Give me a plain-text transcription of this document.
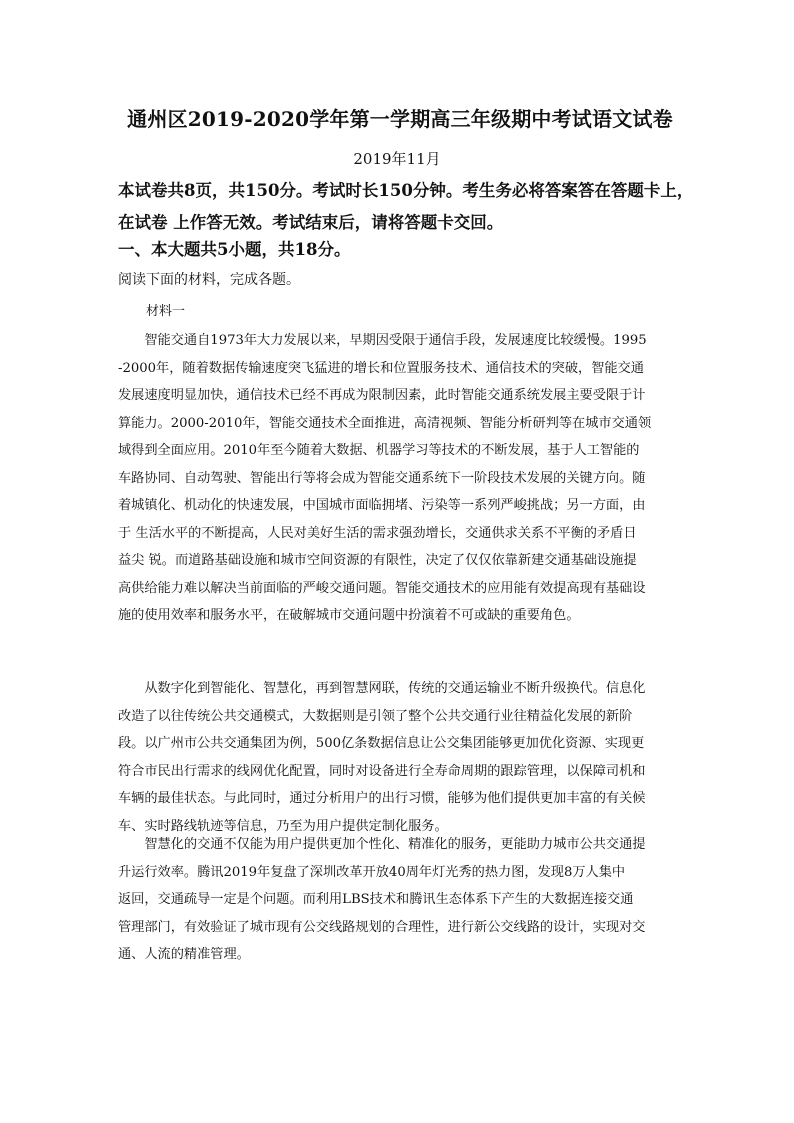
通州区2019-2020学年第一学期高三年级期中考试语文试卷
2019年11月
本试卷共8页，共150分。考试时长150分钟。考生务必将答案答在答题卡上，
在试卷 上作答无效。考试结束后，请将答题卡交回。
一、本大题共5小题，共18分。
阅读下面的材料，完成各题。
材料一
　　智能交通自1973年大力发展以来，早期因受限于通信手段，发展速度比较缓慢。1995
-2000年，随着数据传输速度突飞猛进的增长和位置服务技术、通信技术的突破，智能交通
发展速度明显加快，通信技术已经不再成为限制因素，此时智能交通系统发展主要受限于计
算能力。2000-2010年，智能交通技术全面推进，高清视频、智能分析研判等在城市交通领
域得到全面应用。2010年至今随着大数据、机器学习等技术的不断发展，基于人工智能的
车路协同、自动驾驶、智能出行等将会成为智能交通系统下一阶段技术发展的关键方向。随
着城镇化、机动化的快速发展，中国城市面临拥堵、污染等一系列严峻挑战；另一方面，由
于 生活水平的不断提高，人民对美好生活的需求强劲增长，交通供求关系不平衡的矛盾日
益尖 锐。而道路基础设施和城市空间资源的有限性，决定了仅仅依靠新建交通基础设施提
高供给能力难以解决当前面临的严峻交通问题。智能交通技术的应用能有效提高现有基础设
施的使用效率和服务水平，在破解城市交通问题中扮演着不可或缺的重要角色。
　　从数字化到智能化、智慧化，再到智慧网联，传统的交通运输业不断升级换代。信息化
改造了以往传统公共交通模式，大数据则是引领了整个公共交通行业往精益化发展的新阶
段。以广州市公共交通集团为例，500亿条数据信息让公交集团能够更加优化资源、实现更
符合市民出行需求的线网优化配置，同时对设备进行全寿命周期的跟踪管理，以保障司机和
车辆的最佳状态。与此同时，通过分析用户的出行习惯，能够为他们提供更加丰富的有关候
车、实时路线轨迹等信息，乃至为用户提供定制化服务。
　　智慧化的交通不仅能为用户提供更加个性化、精准化的服务，更能助力城市公共交通提
升运行效率。腾讯2019年复盘了深圳改革开放40周年灯光秀的热力图，发现8万人集中
返回，交通疏导一定是个问题。而利用LBS技术和腾讯生态体系下产生的大数据连接交通
管理部门，有效验证了城市现有公交线路规划的合理性，进行新公交线路的设计，实现对交
通、人流的精准管理。
